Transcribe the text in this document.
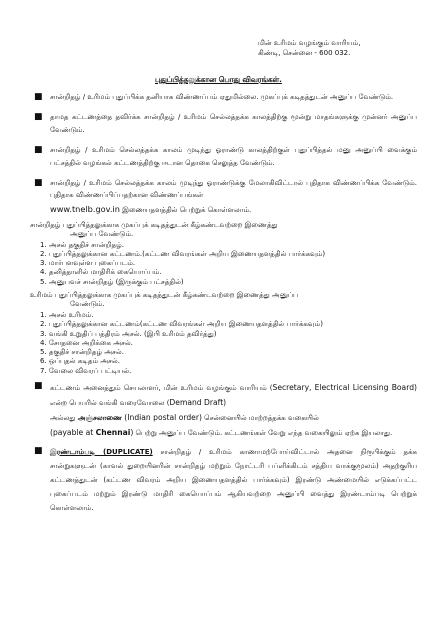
மின் உரிமம் வழங்கும் வாரியம்,
கிண்டி, சென்னை - 600 032.
புதுப்பித்தலுக்கான பொது விவரங்கள்.
■ சான்றிதழ் / உரிமம் புதுப்பிக்க தனியாக விண்ணப்பம் ஏதுமில்லை. முகப்புக் கடிதத்துடன் அனுப்ப வேண்டும்.
■ தாமத கட்டணத்தை தவிர்க்க சான்றிதழ் / உரிமம் செல்லத்தக்க காலத்திற்கு மூன்று மாதங்களுக்கு முன்னர் அனுப்ப வேண்டும்.
■ சான்றிதழ் / உரிமம் செல்லத்தக்க காலம் முடிந்து ஓராண்டு காலத்திற்குள் புதுப்பித்தல் மனு அனுப்பி வைக்கும் பட்சத்தில் வழங்கல் கட்டணத்திற்கு ஈடான தொகை செலுத்த வேண்டும்.
■ சான்றிதழ் / உரிமம் செல்லத்தக்க காலம் முடிந்து ஓராண்டுக்கு மேலாகிவிட்டால் புதிதாக விண்ணப்பிக்க வேண்டும். புதிதாக விண்ணப்பிப்பதற்கான விண்ணப்பங்கள்
www.tnelb.gov.in இணையதளத்தில் பெற்றுக் கொள்ளலாம்.
சான்றிதழ் புதுப்பித்தலுக்காக முகப்புக் கடிதத்துடன் கீழ்கண்டவற்றை இணைத்து
அனுப்ப வேண்டும்.
1. அசல் தகுதிச் சான்றிதழ்.
2. புதுப்பித்தலுக்கான கட்டணம்.(கட்டண விவரங்கள் அறிய இணையதளத்தில் பார்க்கவும்)
3. மார்பளவுள்ள புகைப்படம்.
4. தனித்தாளில் மாதிரிக் கையொப்பம்.
5. அனுபவச் சான்றிதழ் (இருக்கும் பட்சத்தில்)
உரிமம் புதுப்பித்தலுக்காக முகப்புக் கடிதத்துடன் கீழ்கண்டவற்றை இணைத்து அனுப்ப
வேண்டும்.
1. அசல் உரிமம்.
2. புதுப்பித்தலுக்கான கட்டணம்(கட்டண விவரங்கள் அறிய இணையதளத்தில் பார்க்கவும்)
3. வங்கி உறுதிப் பத்திரம் அசல். (இபி உரிமம் தவிர்த்து)
4. சோதனை அறிக்கை அசல்.
5. தகுதிச் சான்றிதழ் அசல்.
6. ஒப்புதல் கடிதம் அசல்.
7. வேலை விவரப் பட்டியல்.
■ கட்டணம் அனைத்தும் செயலாளர், மின் உரிமம் வழங்கும் வாரியம் (Secretary, Electrical Licensing Board) என்ற பெயரில் வங்கி வரைவோலை (Demand Draft)
அல்லது அஞ்சலாணை (Indian postal order) சென்னையில் மாற்றத்தக்க வகையில்
(payable at Chennai) பெற்று அனுப்ப வேண்டும். கட்டணங்கள் வேறு எந்த வகையிலும் ஏற்க இயலாது.
■ இரண்டாம்படி (DUPLICATE) சான்றிதழ் / உரிமம் காணாமற்போய்விட்டால் அதனை நிரூபிக்கும் தக்க சான்றுகளுடன் (காவல் துறையினரின் சான்றிதழ் மற்றும் நோட்டரி பப்ளிக்கிடம் சத்திய வாக்குமூலம்) அதற்குரிய கட்டணத்துடன் (கட்டண விவரம் அறிய இணையதளத்தில் பார்க்கவும்) இரண்டு அண்மையில் எடுக்கப்பட்ட புகைப்படம் மற்றும் இரண்டு மாதிரி கையொப்பம் ஆகியவற்றை அனுப்பி வைத்து இரண்டாம்படி பெற்றுக் கொள்ளலாம்.
